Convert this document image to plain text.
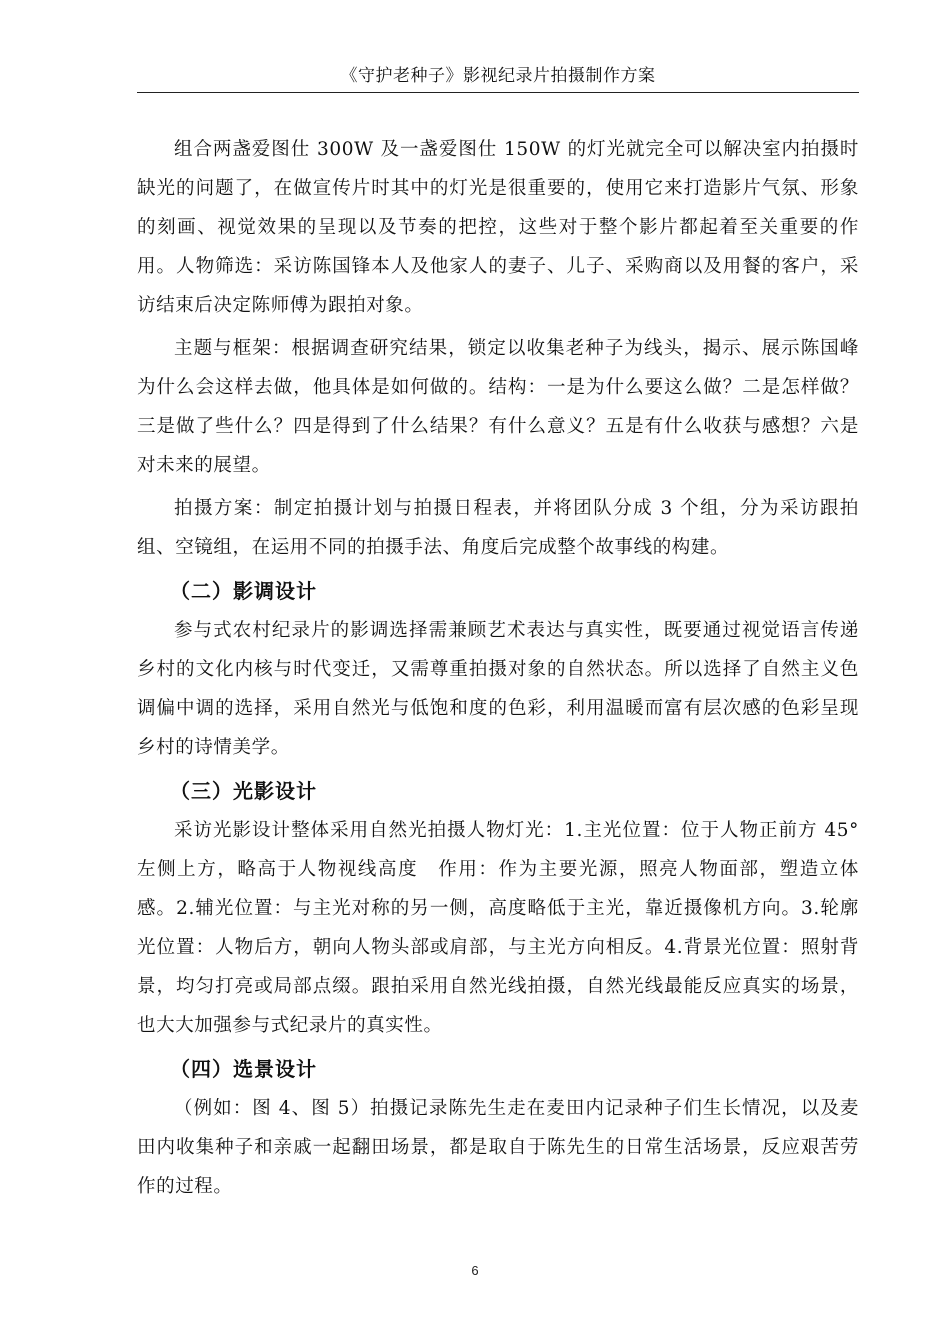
《守护老种子》影视纪录片拍摄制作方案

组合两盏爱图仕 300W 及一盏爱图仕 150W 的灯光就完全可以解决室内拍摄时缺光的问题了，在做宣传片时其中的灯光是很重要的，使用它来打造影片气氛、形象的刻画、视觉效果的呈现以及节奏的把控，这些对于整个影片都起着至关重要的作用。人物筛选：采访陈国锋本人及他家人的妻子、儿子、采购商以及用餐的客户，采访结束后决定陈师傅为跟拍对象。

主题与框架：根据调查研究结果，锁定以收集老种子为线头，揭示、展示陈国峰为什么会这样去做，他具体是如何做的。结构：一是为什么要这么做？二是怎样做？三是做了些什么？四是得到了什么结果？有什么意义？五是有什么收获与感想？六是对未来的展望。

拍摄方案：制定拍摄计划与拍摄日程表，并将团队分成 3 个组，分为采访跟拍组、空镜组，在运用不同的拍摄手法、角度后完成整个故事线的构建。

（二）影调设计

参与式农村纪录片的影调选择需兼顾艺术表达与真实性，既要通过视觉语言传递乡村的文化内核与时代变迁，又需尊重拍摄对象的自然状态。所以选择了自然主义色调偏中调的选择，采用自然光与低饱和度的色彩，利用温暖而富有层次感的色彩呈现乡村的诗情美学。

（三）光影设计

采访光影设计整体采用自然光拍摄人物灯光：1.主光位置：位于人物正前方 45°左侧上方，略高于人物视线高度　作用：作为主要光源，照亮人物面部，塑造立体感。2.辅光位置：与主光对称的另一侧，高度略低于主光，靠近摄像机方向。3.轮廓光位置：人物后方，朝向人物头部或肩部，与主光方向相反。4.背景光位置：照射背景，均匀打亮或局部点缀。跟拍采用自然光线拍摄，自然光线最能反应真实的场景，也大大加强参与式纪录片的真实性。

（四）选景设计

（例如：图 4、图 5）拍摄记录陈先生走在麦田内记录种子们生长情况，以及麦田内收集种子和亲戚一起翻田场景，都是取自于陈先生的日常生活场景，反应艰苦劳作的过程。

6
